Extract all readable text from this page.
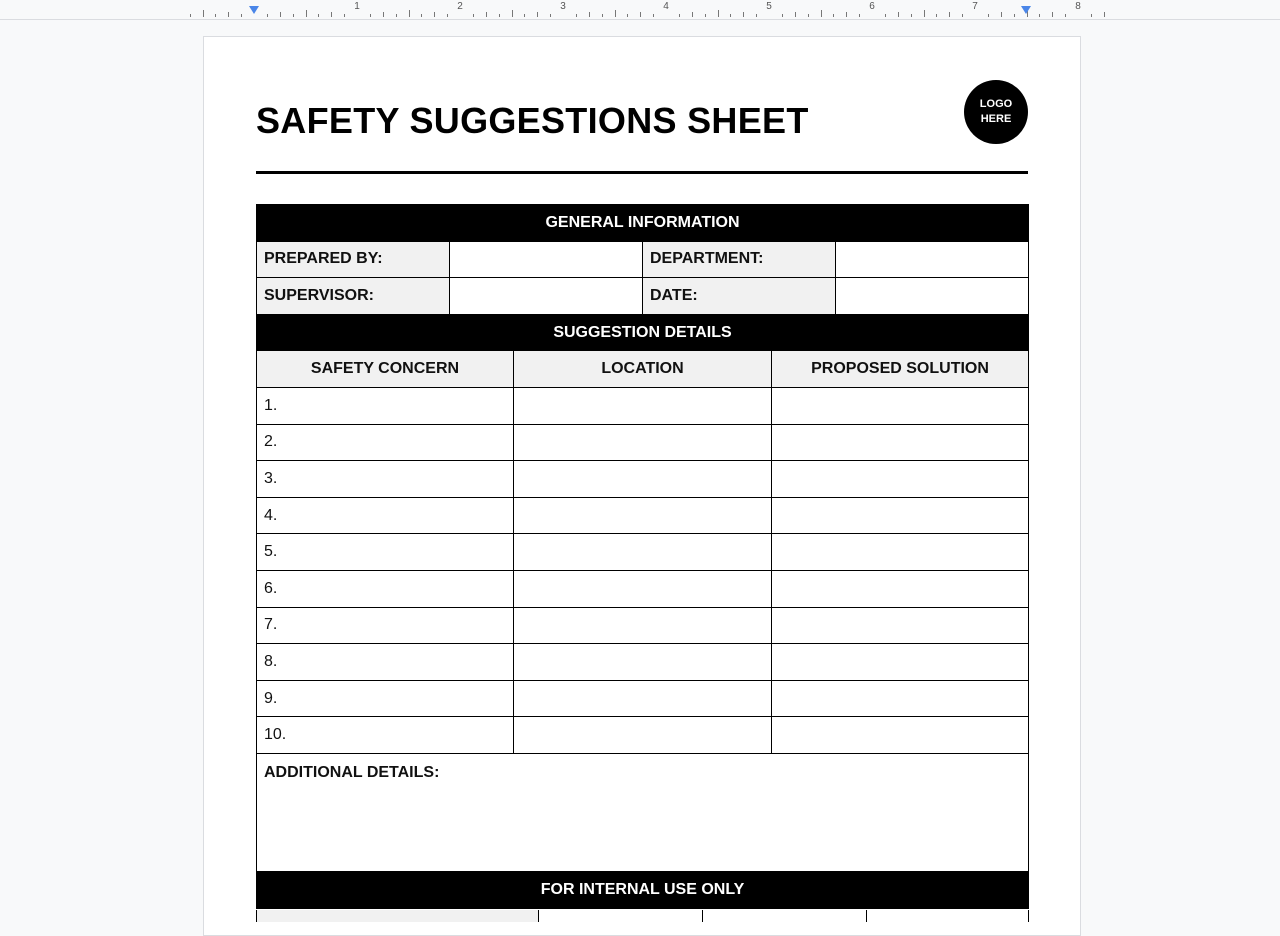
1	2	3	4	5	6	7	8
SAFETY SUGGESTIONS SHEET	LOGO
HERE
GENERAL INFORMATION					
PREPARED BY:			DEPARTMENT:		
SUPERVISOR:			DATE:		
SUGGESTION DETAILS					
SAFETY CONCERN		LOCATION		PROPOSED SOLUTION	
1.					
2.					
3.					
4.					
5.					
6.					
7.					
8.					
9.					
10.					
ADDITIONAL DETAILS:					
FOR INTERNAL USE ONLY					
